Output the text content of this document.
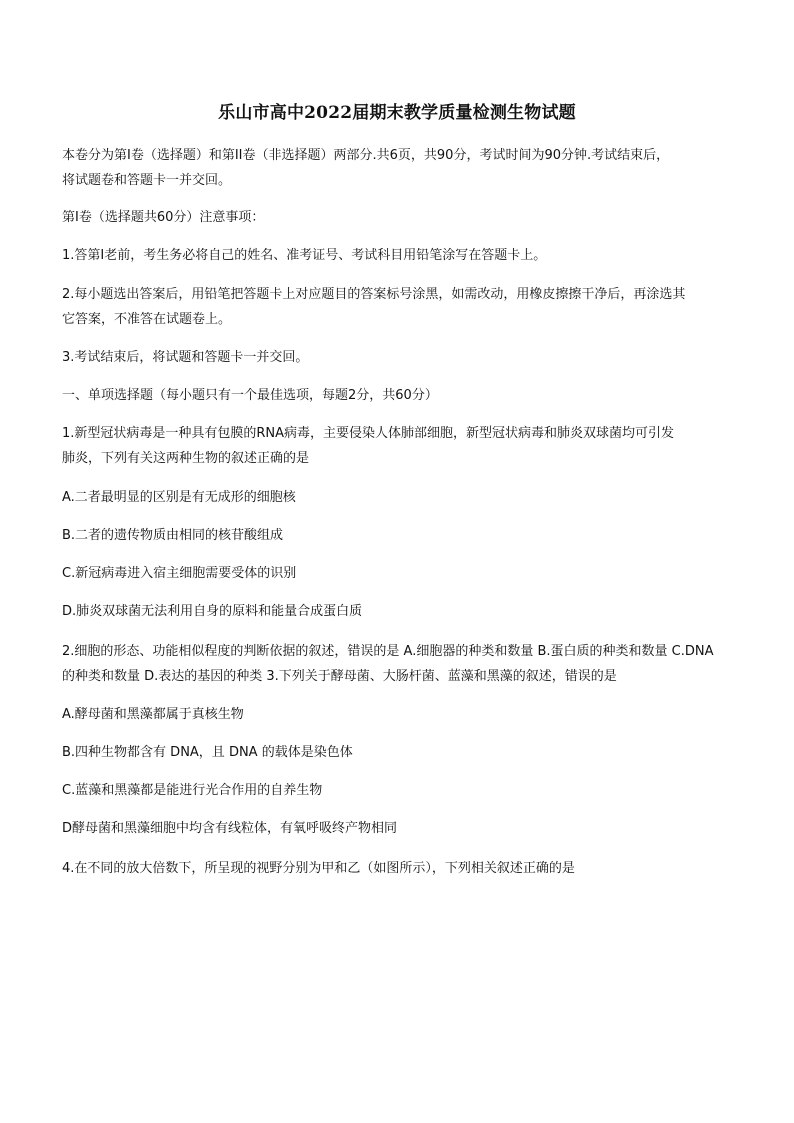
乐山市高中2022届期末教学质量检测生物试题
本卷分为第I卷（选择题）和第II卷（非选择题）两部分.共6页，共90分，考试时间为90分钟.考试结束后，
将试题卷和答题卡一并交回。
第I卷（选择题共60分）注意事项：
1.答第I老前，考生务必将自己的姓名、准考证号、考试科目用铅笔涂写在答题卡上。
2.每小题选出答案后，用铅笔把答题卡上对应题目的答案标号涂黑，如需改动，用橡皮擦擦干净后，再涂选其
它答案，不准答在试题卷上。
3.考试结束后，将试题和答题卡一并交回。
一、单项选择题（每小题只有一个最佳选项，每题2分，共60分）
1.新型冠状病毒是一种具有包膜的RNA病毒，主要侵染人体肺部细胞，新型冠状病毒和肺炎双球菌均可引发
肺炎，下列有关这两种生物的叙述正确的是
A.二者最明显的区别是有无成形的细胞核
B.二者的遗传物质由相同的核苷酸组成
C.新冠病毒进入宿主细胞需要受体的识别
D.肺炎双球菌无法利用自身的原料和能量合成蛋白质
2.细胞的形态、功能相似程度的判断依据的叙述，错误的是 A.细胞器的种类和数量 B.蛋白质的种类和数量 C.DNA
的种类和数量 D.表达的基因的种类 3.下列关于酵母菌、大肠杆菌、蓝藻和黑藻的叙述，错误的是
A.酵母菌和黑藻都属于真核生物
B.四种生物都含有 DNA，且 DNA 的载体是染色体
C.蓝藻和黑藻都是能进行光合作用的自养生物
D酵母菌和黑藻细胞中均含有线粒体，有氧呼吸终产物相同
4.在不同的放大倍数下，所呈现的视野分别为甲和乙（如图所示），下列相关叙述正确的是
